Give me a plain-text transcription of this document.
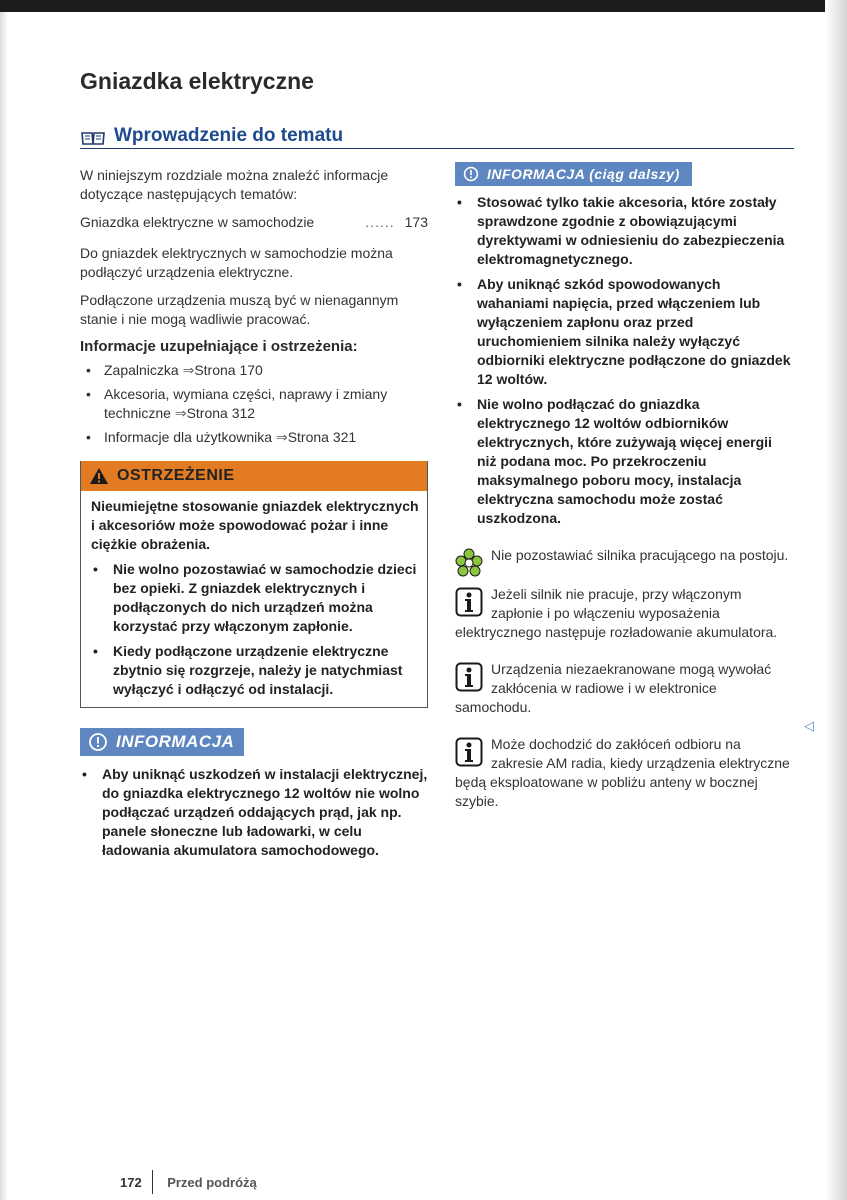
Gniazdka elektryczne
Wprowadzenie do tematu

W niniejszym rozdziale można znaleźć informacje dotyczące następujących tematów:

Gniazdka elektryczne w samochodzie	...... 173

Do gniazdek elektrycznych w samochodzie można podłączyć urządzenia elektryczne.

Podłączone urządzenia muszą być w nienagannym stanie i nie mogą wadliwie pracować.

Informacje uzupełniające i ostrzeżenia:

• Zapalniczka ⇒Strona 170
• Akcesoria, wymiana części, naprawy i zmiany techniczne ⇒Strona 312
• Informacje dla użytkownika ⇒Strona 321
OSTRZEŻENIE

Nieumiejętne stosowanie gniazdek elektrycznych i akcesoriów może spowodować pożar i inne ciężkie obrażenia.

• Nie wolno pozostawiać w samochodzie dzieci bez opieki. Z gniazdek elektrycznych i podłączonych do nich urządzeń można korzystać przy włączonym zapłonie.

• Kiedy podłączone urządzenie elektryczne zbytnio się rozgrzeje, należy je natychmiast wyłączyć i odłączyć od instalacji.

INFORMACJA

• Aby uniknąć uszkodzeń w instalacji elektrycznej, do gniazdka elektrycznego 12 woltów nie wolno podłączać urządzeń oddających prąd, jak np. panele słoneczne lub ładowarki, w celu ładowania akumulatora samochodowego.

INFORMACJA (ciąg dalszy)

• Stosować tylko takie akcesoria, które zostały sprawdzone zgodnie z obowiązującymi dyrektywami w odniesieniu do zabezpieczenia elektromagnetycznego.

• Aby uniknąć szkód spowodowanych wahaniami napięcia, przed włączeniem lub wyłączeniem zapłonu oraz przed uruchomieniem silnika należy wyłączyć odbiorniki elektryczne podłączone do gniazdek 12 woltów.

• Nie wolno podłączać do gniazdka elektrycznego 12 woltów odbiorników elektrycznych, które zużywają więcej energii niż podana moc. Po przekroczeniu maksymalnego poboru mocy, instalacja elektryczna samochodu może zostać uszkodzona.

Nie pozostawiać silnika pracującego na postoju.
Jeżeli silnik nie pracuje, przy włączonym zapłonie i po włączeniu wyposażenia elektrycznego następuje rozładowanie akumulatora.
Urządzenia niezaekranowane mogą wywołać zakłócenia w radiowe i w elektronice samochodu.
Może dochodzić do zakłóceń odbioru na zakresie AM radia, kiedy urządzenia elektryczne będą eksploatowane w pobliżu anteny w bocznej szybie.
◁
172 Przed podróżą
